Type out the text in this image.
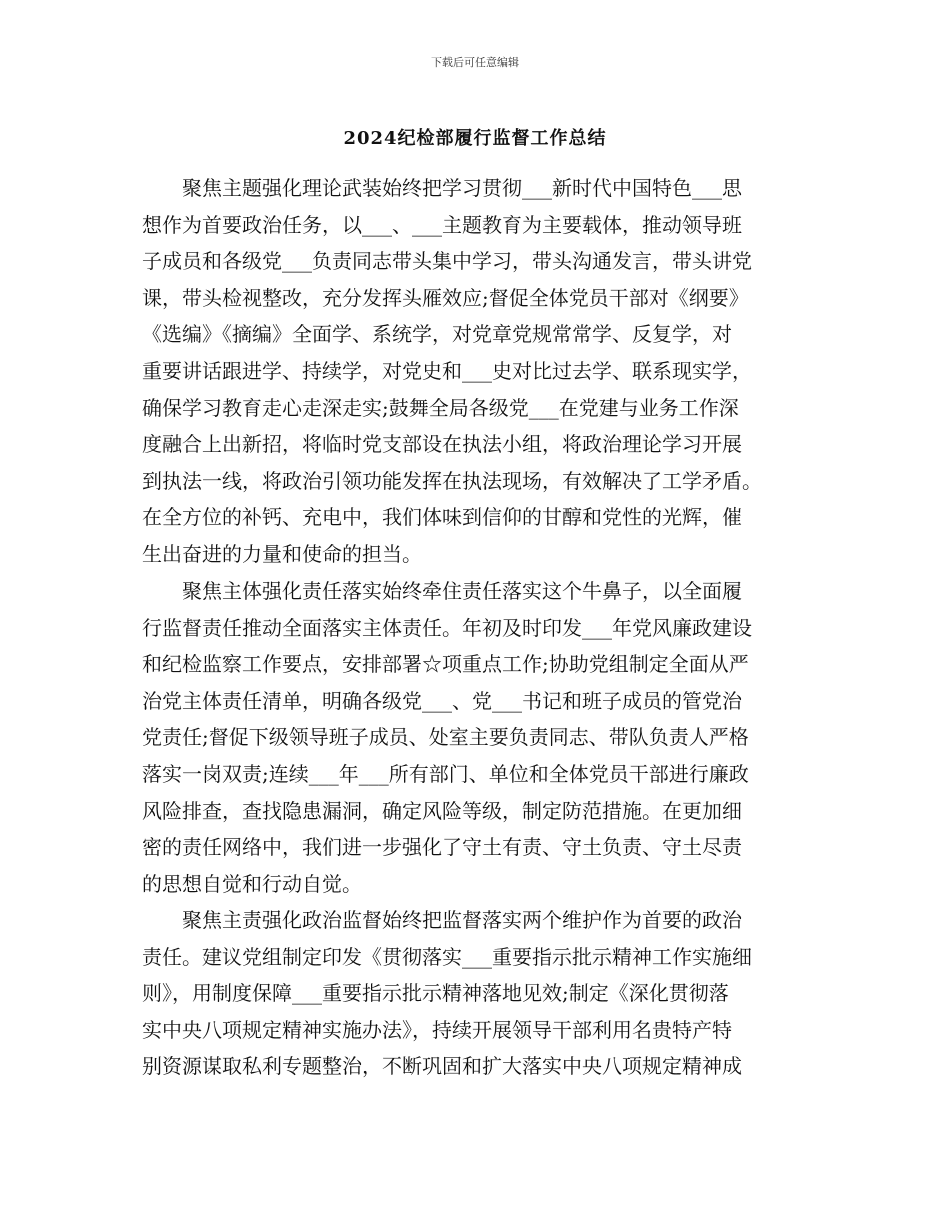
下载后可任意编辑
2024纪检部履行监督工作总结
　　聚焦主题强化理论武装始终把学习贯彻___新时代中国特色___思
想作为首要政治任务，以___、___主题教育为主要载体，推动领导班
子成员和各级党___负责同志带头集中学习，带头沟通发言，带头讲党
课，带头检视整改，充分发挥头雁效应;督促全体党员干部对《纲要》
《选编》《摘编》全面学、系统学，对党章党规常常学、反复学，对
重要讲话跟进学、持续学，对党史和___史对比过去学、联系现实学，
确保学习教育走心走深走实;鼓舞全局各级党___在党建与业务工作深
度融合上出新招，将临时党支部设在执法小组，将政治理论学习开展
到执法一线，将政治引领功能发挥在执法现场，有效解决了工学矛盾。
在全方位的补钙、充电中，我们体味到信仰的甘醇和党性的光辉，催
生出奋进的力量和使命的担当。
　　聚焦主体强化责任落实始终牵住责任落实这个牛鼻子，以全面履
行监督责任推动全面落实主体责任。年初及时印发___年党风廉政建设
和纪检监察工作要点，安排部署☆项重点工作;协助党组制定全面从严
治党主体责任清单，明确各级党___、党___书记和班子成员的管党治
党责任;督促下级领导班子成员、处室主要负责同志、带队负责人严格
落实一岗双责;连续___年___所有部门、单位和全体党员干部进行廉政
风险排查，查找隐患漏洞，确定风险等级，制定防范措施。在更加细
密的责任网络中，我们进一步强化了守土有责、守土负责、守土尽责
的思想自觉和行动自觉。
　　聚焦主责强化政治监督始终把监督落实两个维护作为首要的政治
责任。建议党组制定印发《贯彻落实___重要指示批示精神工作实施细
则》，用制度保障___重要指示批示精神落地见效;制定《深化贯彻落
实中央八项规定精神实施办法》，持续开展领导干部利用名贵特产特
别资源谋取私利专题整治，不断巩固和扩大落实中央八项规定精神成
